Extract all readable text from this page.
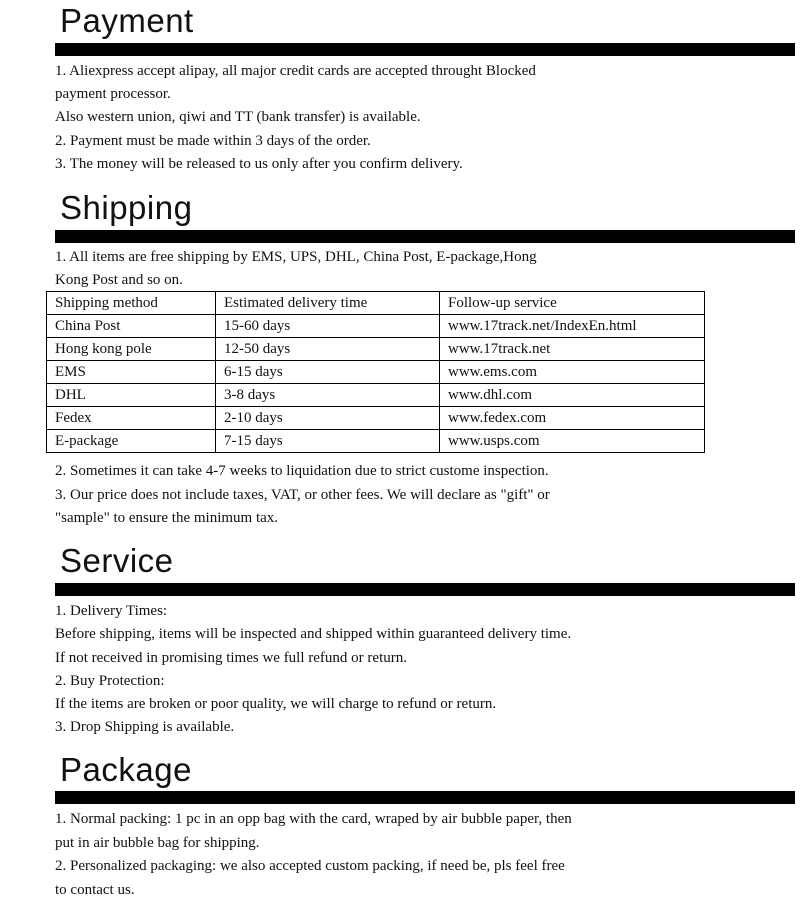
Payment
1. Aliexpress accept alipay, all major credit cards are accepted throught Blocked
payment processor.
Also western union, qiwi and TT (bank transfer) is available.
2. Payment must be made within 3 days of the order.
3. The money will be released to us only after you confirm delivery.
Shipping
1. All items are free shipping by EMS, UPS, DHL, China Post, E-package,Hong
Kong Post and so on.
Shipping method	Estimated delivery time	Follow-up service
China Post	15-60 days	www.17track.net/IndexEn.html
Hong kong pole	12-50 days	www.17track.net
EMS	6-15 days	www.ems.com
DHL	3-8 days	www.dhl.com
Fedex	2-10 days	www.fedex.com
E-package	7-15 days	www.usps.com
2. Sometimes it can take 4-7 weeks to liquidation due to strict custome inspection.
3. Our price does not include taxes, VAT, or other fees. We will declare as "gift" or
"sample" to ensure the minimum tax.
Service
1. Delivery Times:
Before shipping, items will be inspected and shipped within guaranteed delivery time.
If not received in promising times we full refund or return.
2. Buy Protection:
If the items are broken or poor quality, we will charge to refund or return.
3. Drop Shipping is available.
Package
1. Normal packing: 1 pc in an opp bag with the card, wraped by air bubble paper, then
put in air bubble bag for shipping.
2. Personalized packaging: we also accepted custom packing, if need be, pls feel free
to contact us.
